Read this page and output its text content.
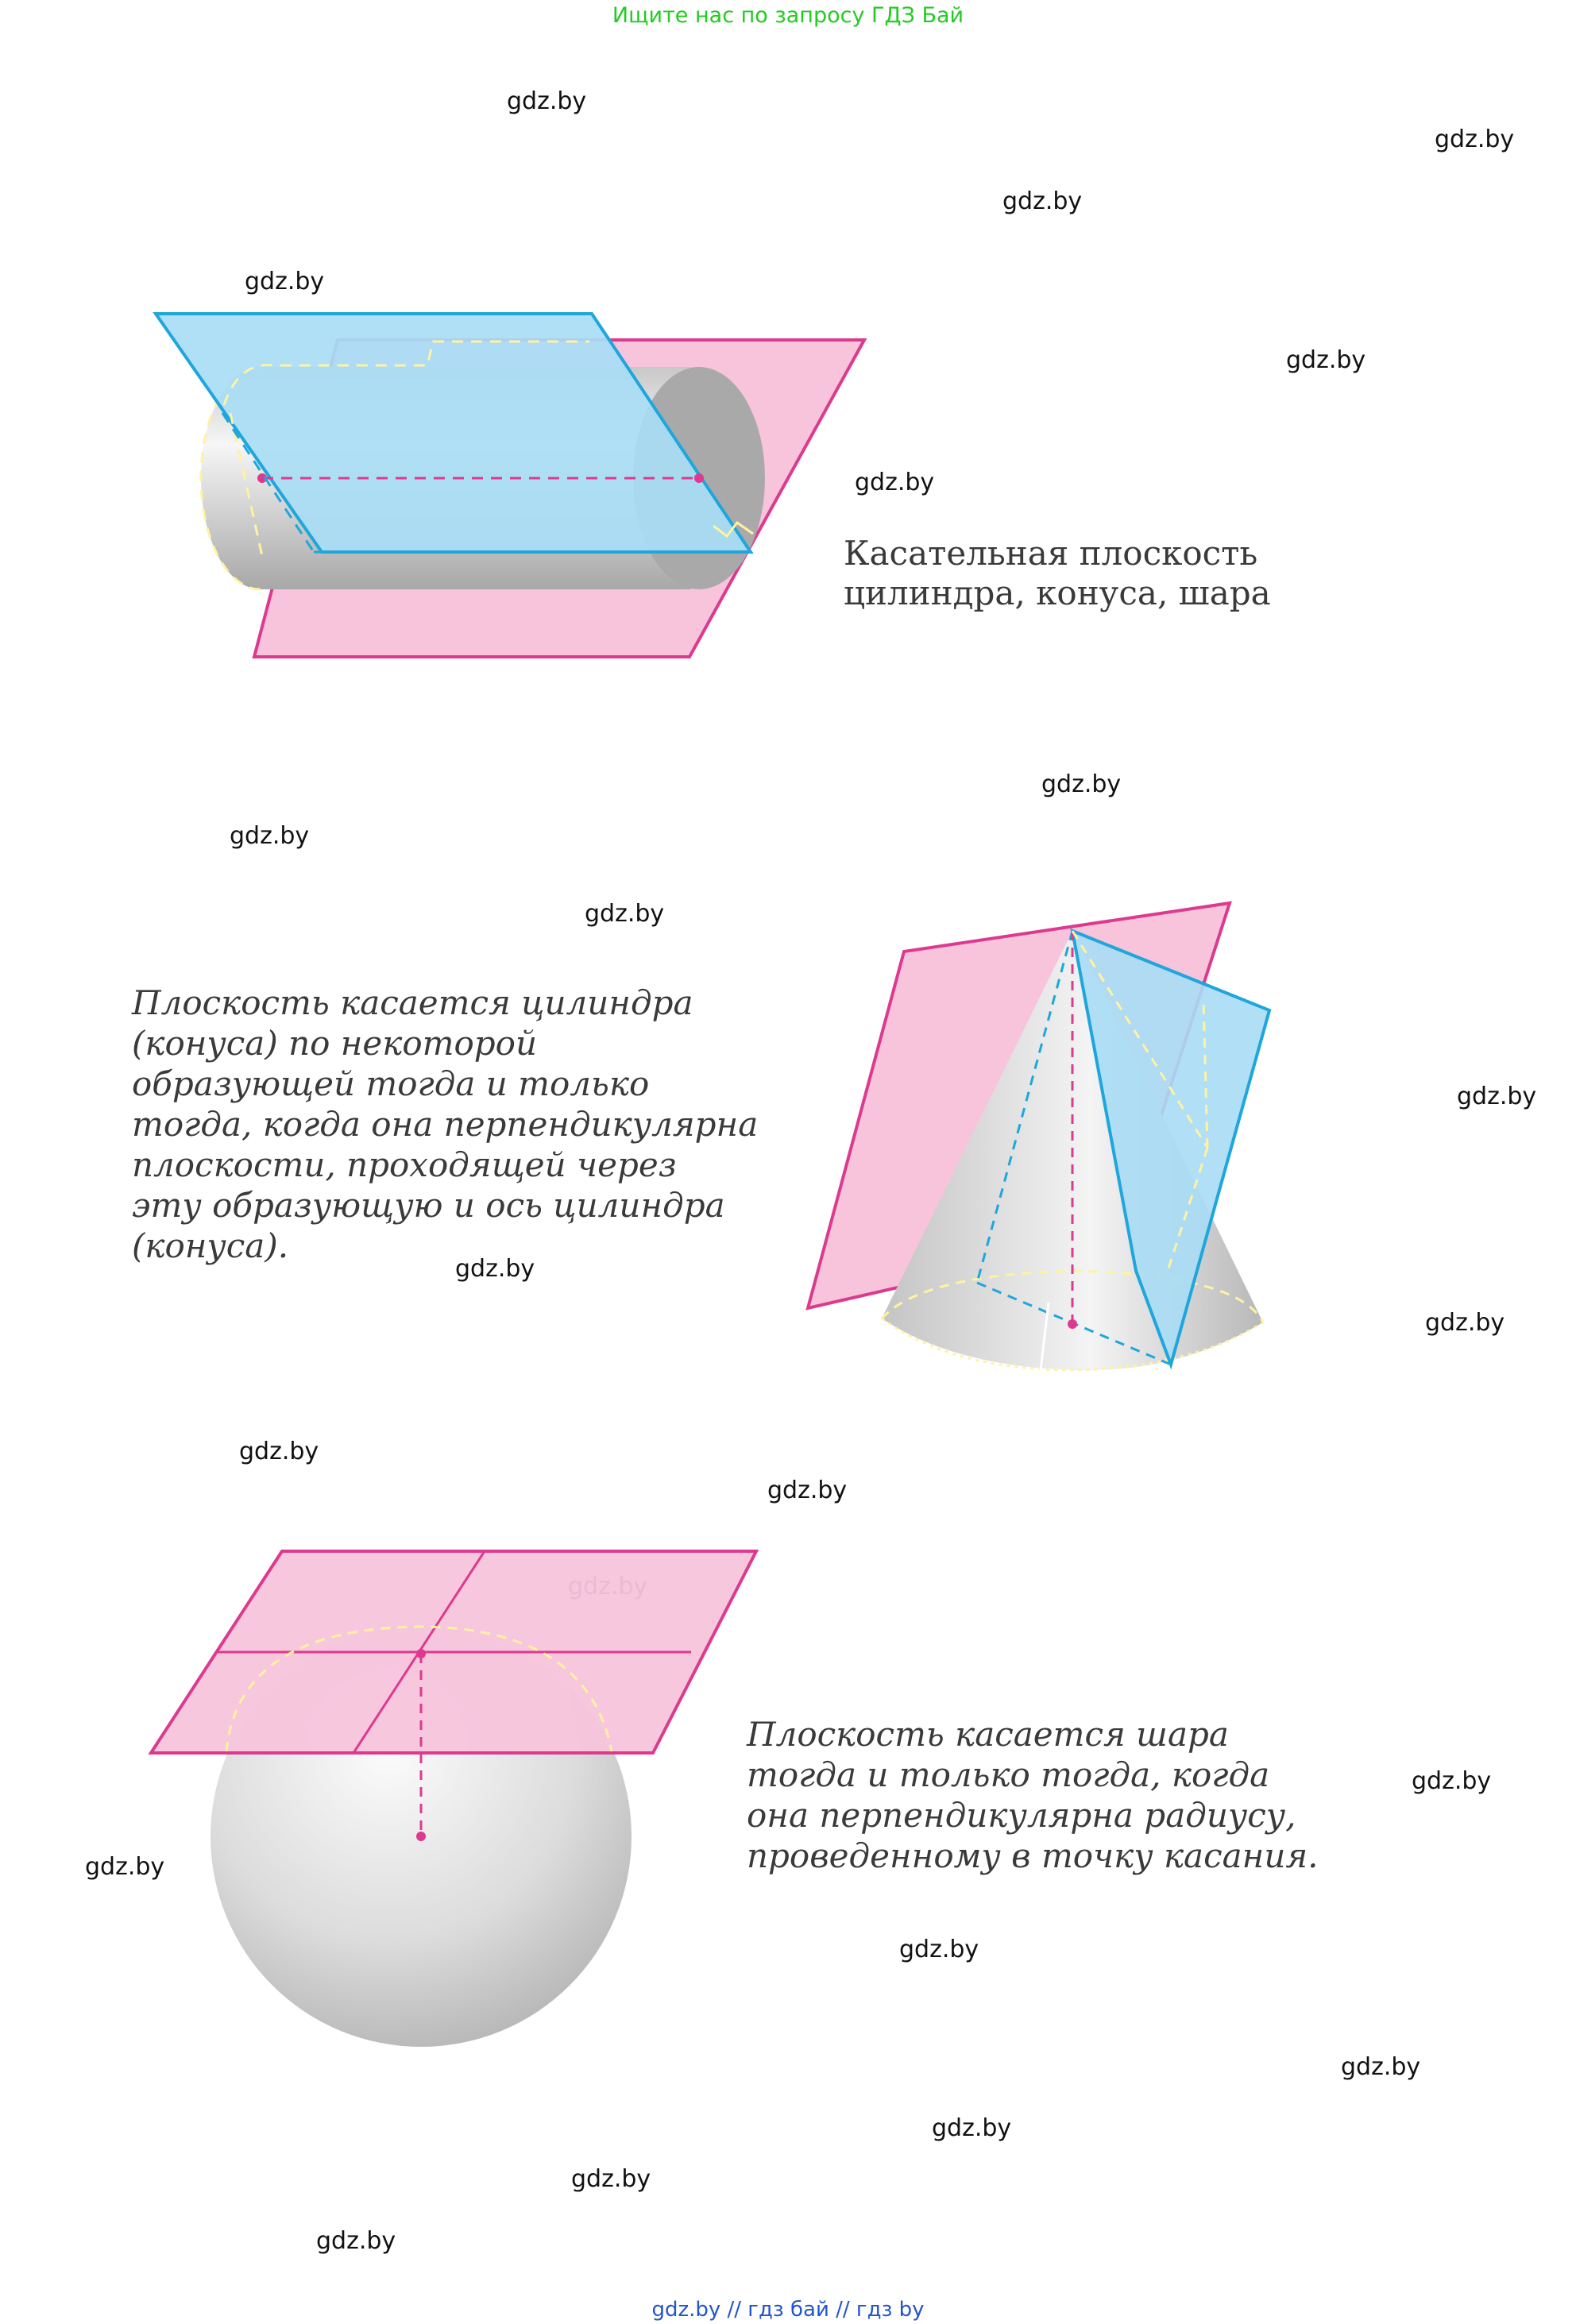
Ищите нас по запросу ГДЗ Бай
gdz.by
gdz.by
gdz.by
gdz.by
gdz.by
gdz.by
gdz.by
gdz.by
gdz.by
gdz.by
gdz.by
gdz.by
gdz.by
gdz.by
gdz.by
gdz.by
gdz.by
gdz.by
gdz.by
gdz.by
gdz.by
Касательная плоскость
цилиндра, конуса, шара
Плоскость касается цилиндра
(конуса) по некоторой
образующей тогда и только
тогда, когда она перпендикулярна
плоскости, проходящей через
эту образующую и ось цилиндра
(конуса).
Плоскость касается шара
тогда и только тогда, когда
она перпендикулярна радиусу,
проведенному в точку касания.
gdz.by // гдз бай // гдз by
